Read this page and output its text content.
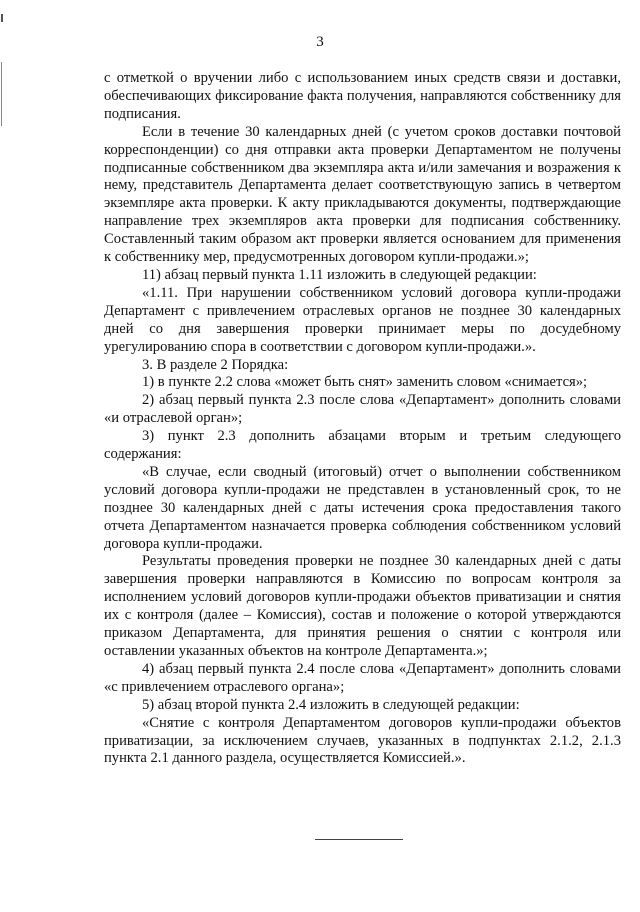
3

с отметкой о вручении либо с использованием иных средств связи и доставки, обеспечивающих фиксирование факта получения, направляются собственнику для подписания.

Если в течение 30 календарных дней (с учетом сроков доставки почтовой корреспонденции) со дня отправки акта проверки Департаментом не получены подписанные собственником два экземпляра акта и/или замечания и возражения к нему, представитель Департамента делает соответствующую запись в четвертом экземпляре акта проверки. К акту прикладываются документы, подтверждающие направление трех экземпляров акта проверки для подписания собственнику. Составленный таким образом акт проверки является основанием для применения к собственнику мер, предусмотренных договором купли-продажи.»;

11) абзац первый пункта 1.11 изложить в следующей редакции:

«1.11. При нарушении собственником условий договора купли-продажи Департамент с привлечением отраслевых органов не позднее 30 календарных дней со дня завершения проверки принимает меры по досудебному урегулированию спора в соответствии с договором купли-продажи.».

3. В разделе 2 Порядка:

1) в пункте 2.2 слова «может быть снят» заменить словом «снимается»;

2) абзац первый пункта 2.3 после слова «Департамент» дополнить словами «и отраслевой орган»;

3) пункт 2.3 дополнить абзацами вторым и третьим следующего содержания:

«В случае, если сводный (итоговый) отчет о выполнении собственником условий договора купли-продажи не представлен в установленный срок, то не позднее 30 календарных дней с даты истечения срока предоставления такого отчета Департаментом назначается проверка соблюдения собственником условий договора купли-продажи.

Результаты проведения проверки не позднее 30 календарных дней с даты завершения проверки направляются в Комиссию по вопросам контроля за исполнением условий договоров купли-продажи объектов приватизации и снятия их с контроля (далее – Комиссия), состав и положение о которой утверждаются приказом Департамента, для принятия решения о снятии с контроля или оставлении указанных объектов на контроле Департамента.»;

4) абзац первый пункта 2.4 после слова «Департамент» дополнить словами «с привлечением отраслевого органа»;

5) абзац второй пункта 2.4 изложить в следующей редакции:

«Снятие с контроля Департаментом договоров купли-продажи объектов приватизации, за исключением случаев, указанных в подпунктах 2.1.2, 2.1.3 пункта 2.1 данного раздела, осуществляется Комиссией.».
